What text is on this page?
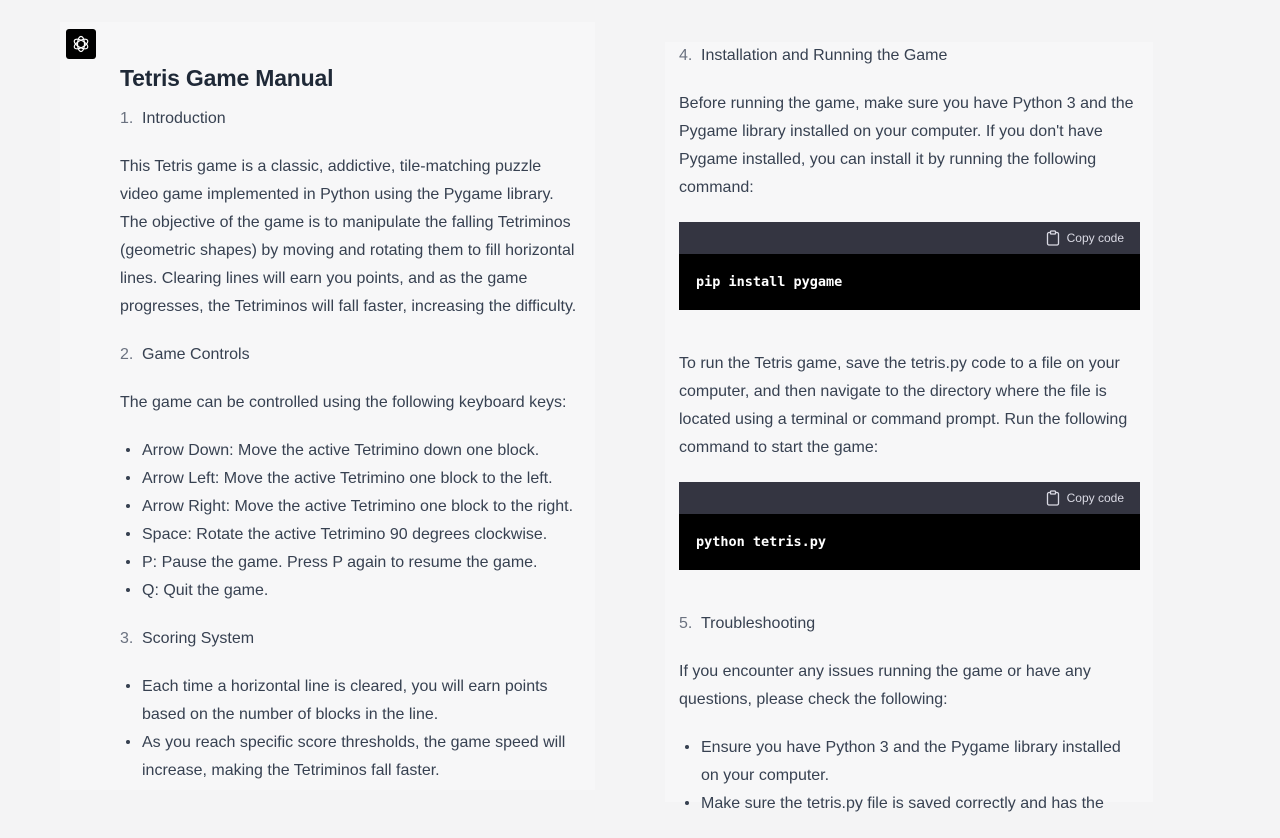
Tetris Game Manual
1. Introduction

This Tetris game is a classic, addictive, tile-matching puzzle video game implemented in Python using the Pygame library. The objective of the game is to manipulate the falling Tetriminos (geometric shapes) by moving and rotating them to fill horizontal lines. Clearing lines will earn you points, and as the game progresses, the Tetriminos will fall faster, increasing the difficulty.

2. Game Controls

The game can be controlled using the following keyboard keys:

Arrow Down: Move the active Tetrimino down one block.
Arrow Left: Move the active Tetrimino one block to the left.
Arrow Right: Move the active Tetrimino one block to the right.
Space: Rotate the active Tetrimino 90 degrees clockwise.
P: Pause the game. Press P again to resume the game.
Q: Quit the game.
3. Scoring System
Each time a horizontal line is cleared, you will earn points based on the number of blocks in the line.
As you reach specific score thresholds, the game speed will increase, making the Tetriminos fall faster.
4. Installation and Running the Game

Before running the game, make sure you have Python 3 and the Pygame library installed on your computer. If you don't have Pygame installed, you can install it by running the following command:

Copy code
pip install pygame

To run the Tetris game, save the tetris.py code to a file on your computer, and then navigate to the directory where the file is located using a terminal or command prompt. Run the following command to start the game:

Copy code
python tetris.py
5. Troubleshooting

If you encounter any issues running the game or have any questions, please check the following:

Ensure you have Python 3 and the Pygame library installed on your computer.
Make sure the tetris.py file is saved correctly and has the
